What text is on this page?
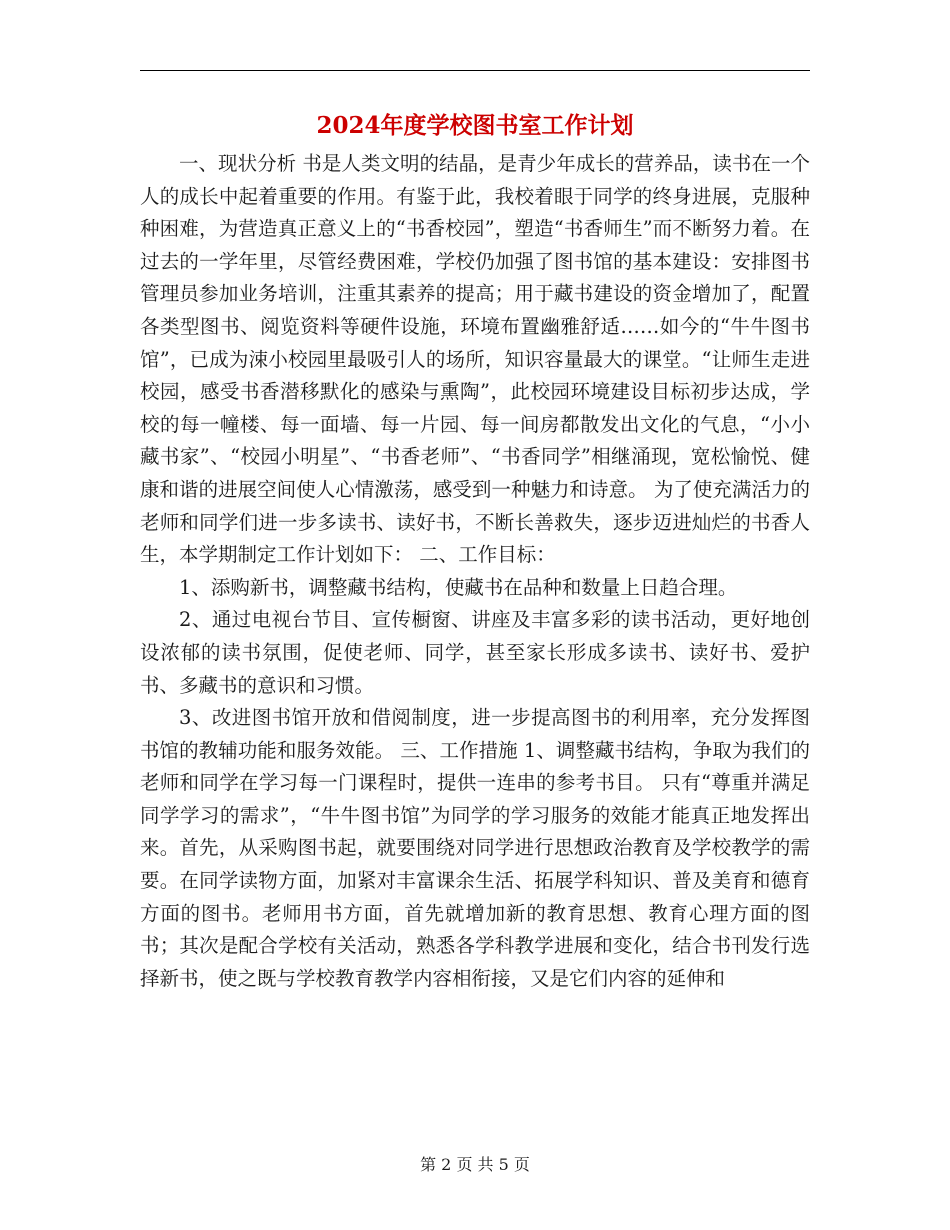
2024年度学校图书室工作计划

一、现状分析 书是人类文明的结晶，是青少年成长的营养品，读书在一个人的成长中起着重要的作用。有鉴于此，我校着眼于同学的终身进展，克服种种困难，为营造真正意义上的“书香校园”，塑造“书香师生”而不断努力着。在过去的一学年里，尽管经费困难，学校仍加强了图书馆的基本建设：安排图书管理员参加业务培训，注重其素养的提高；用于藏书建设的资金增加了，配置各类型图书、阅览资料等硬件设施，环境布置幽雅舒适……如今的“牛牛图书馆”，已成为涑小校园里最吸引人的场所，知识容量最大的课堂。“让师生走进校园，感受书香潜移默化的感染与熏陶”，此校园环境建设目标初步达成，学校的每一幢楼、每一面墙、每一片园、每一间房都散发出文化的气息，“小小藏书家”、“校园小明星”、“书香老师”、“书香同学”相继涌现，宽松愉悦、健康和谐的进展空间使人心情激荡，感受到一种魅力和诗意。 为了使充满活力的老师和同学们进一步多读书、读好书，不断长善救失，逐步迈进灿烂的书香人生，本学期制定工作计划如下： 二、工作目标：

1、添购新书，调整藏书结构，使藏书在品种和数量上日趋合理。

2、通过电视台节目、宣传橱窗、讲座及丰富多彩的读书活动，更好地创设浓郁的读书氛围，促使老师、同学，甚至家长形成多读书、读好书、爱护书、多藏书的意识和习惯。

3、改进图书馆开放和借阅制度，进一步提高图书的利用率，充分发挥图书馆的教辅功能和服务效能。 三、工作措施 1、调整藏书结构，争取为我们的老师和同学在学习每一门课程时，提供一连串的参考书目。 只有“尊重并满足同学学习的需求”，“牛牛图书馆”为同学的学习服务的效能才能真正地发挥出来。首先，从采购图书起，就要围绕对同学进行思想政治教育及学校教学的需要。在同学读物方面，加紧对丰富课余生活、拓展学科知识、普及美育和德育方面的图书。老师用书方面，首先就增加新的教育思想、教育心理方面的图书；其次是配合学校有关活动，熟悉各学科教学进展和变化，结合书刊发行选择新书，使之既与学校教育教学内容相衔接，又是它们内容的延伸和

第 2 页 共 5 页
